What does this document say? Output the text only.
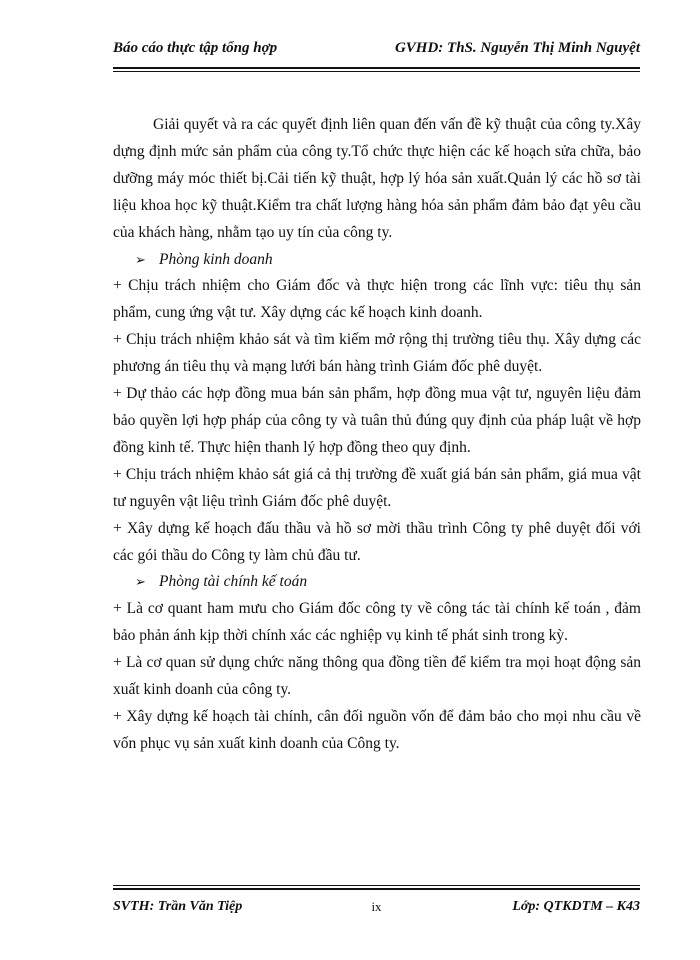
Báo cáo thực tập tổng hợp	GVHD: ThS. Nguyễn Thị Minh Nguyệt

Giải quyết và ra các quyết định liên quan đến vấn đề kỹ thuật của công ty.Xây dựng định mức sản phẩm của công ty.Tổ chức thực hiện các kế hoạch sửa chữa, bảo dưỡng máy móc thiết bị.Cải tiến kỹ thuật, hợp lý hóa sản xuất.Quản lý các hồ sơ tài liệu khoa học kỹ thuật.Kiểm tra chất lượng hàng hóa sản phẩm đảm bảo đạt yêu cầu của khách hàng, nhằm tạo uy tín của công ty.

➢ Phòng kinh doanh

+ Chịu trách nhiệm cho Giám đốc và thực hiện trong các lĩnh vực: tiêu thụ sản phẩm, cung ứng vật tư. Xây dựng các kế hoạch kinh doanh.

+ Chịu trách nhiệm khảo sát và tìm kiếm mở rộng thị trường tiêu thụ. Xây dựng các phương án tiêu thụ và mạng lưới bán hàng trình Giám đốc phê duyệt.

+ Dự thảo các hợp đồng mua bán sản phẩm, hợp đồng mua vật tư, nguyên liệu đảm bảo quyền lợi hợp pháp của công ty và tuân thủ đúng quy định của pháp luật về hợp đồng kinh tế. Thực hiện thanh lý hợp đồng theo quy định.

+ Chịu trách nhiệm khảo sát giá cả thị trường đề xuất giá bán sản phẩm, giá mua vật tư nguyên vật liệu trình Giám đốc phê duyệt.

+ Xây dựng kế hoạch đấu thầu và hồ sơ mời thầu trình Công ty phê duyệt đối với các gói thầu do Công ty làm chủ đầu tư.

➢ Phòng tài chính kế toán

+ Là cơ quant ham mưu cho Giám đốc công ty về công tác tài chính kế toán , đảm bảo phản ánh kịp thời chính xác các nghiệp vụ kinh tế phát sinh trong kỳ.

+ Là cơ quan sử dụng chức năng thông qua đồng tiền để kiểm tra mọi hoạt động sản xuất kinh doanh của công ty.

+ Xây dựng kế hoạch tài chính, cân đối nguồn vốn để đảm bảo cho mọi nhu cầu về vốn phục vụ sản xuất kinh doanh của Công ty.

SVTH: Trần Văn Tiệp	ix	Lớp: QTKDTM – K43
